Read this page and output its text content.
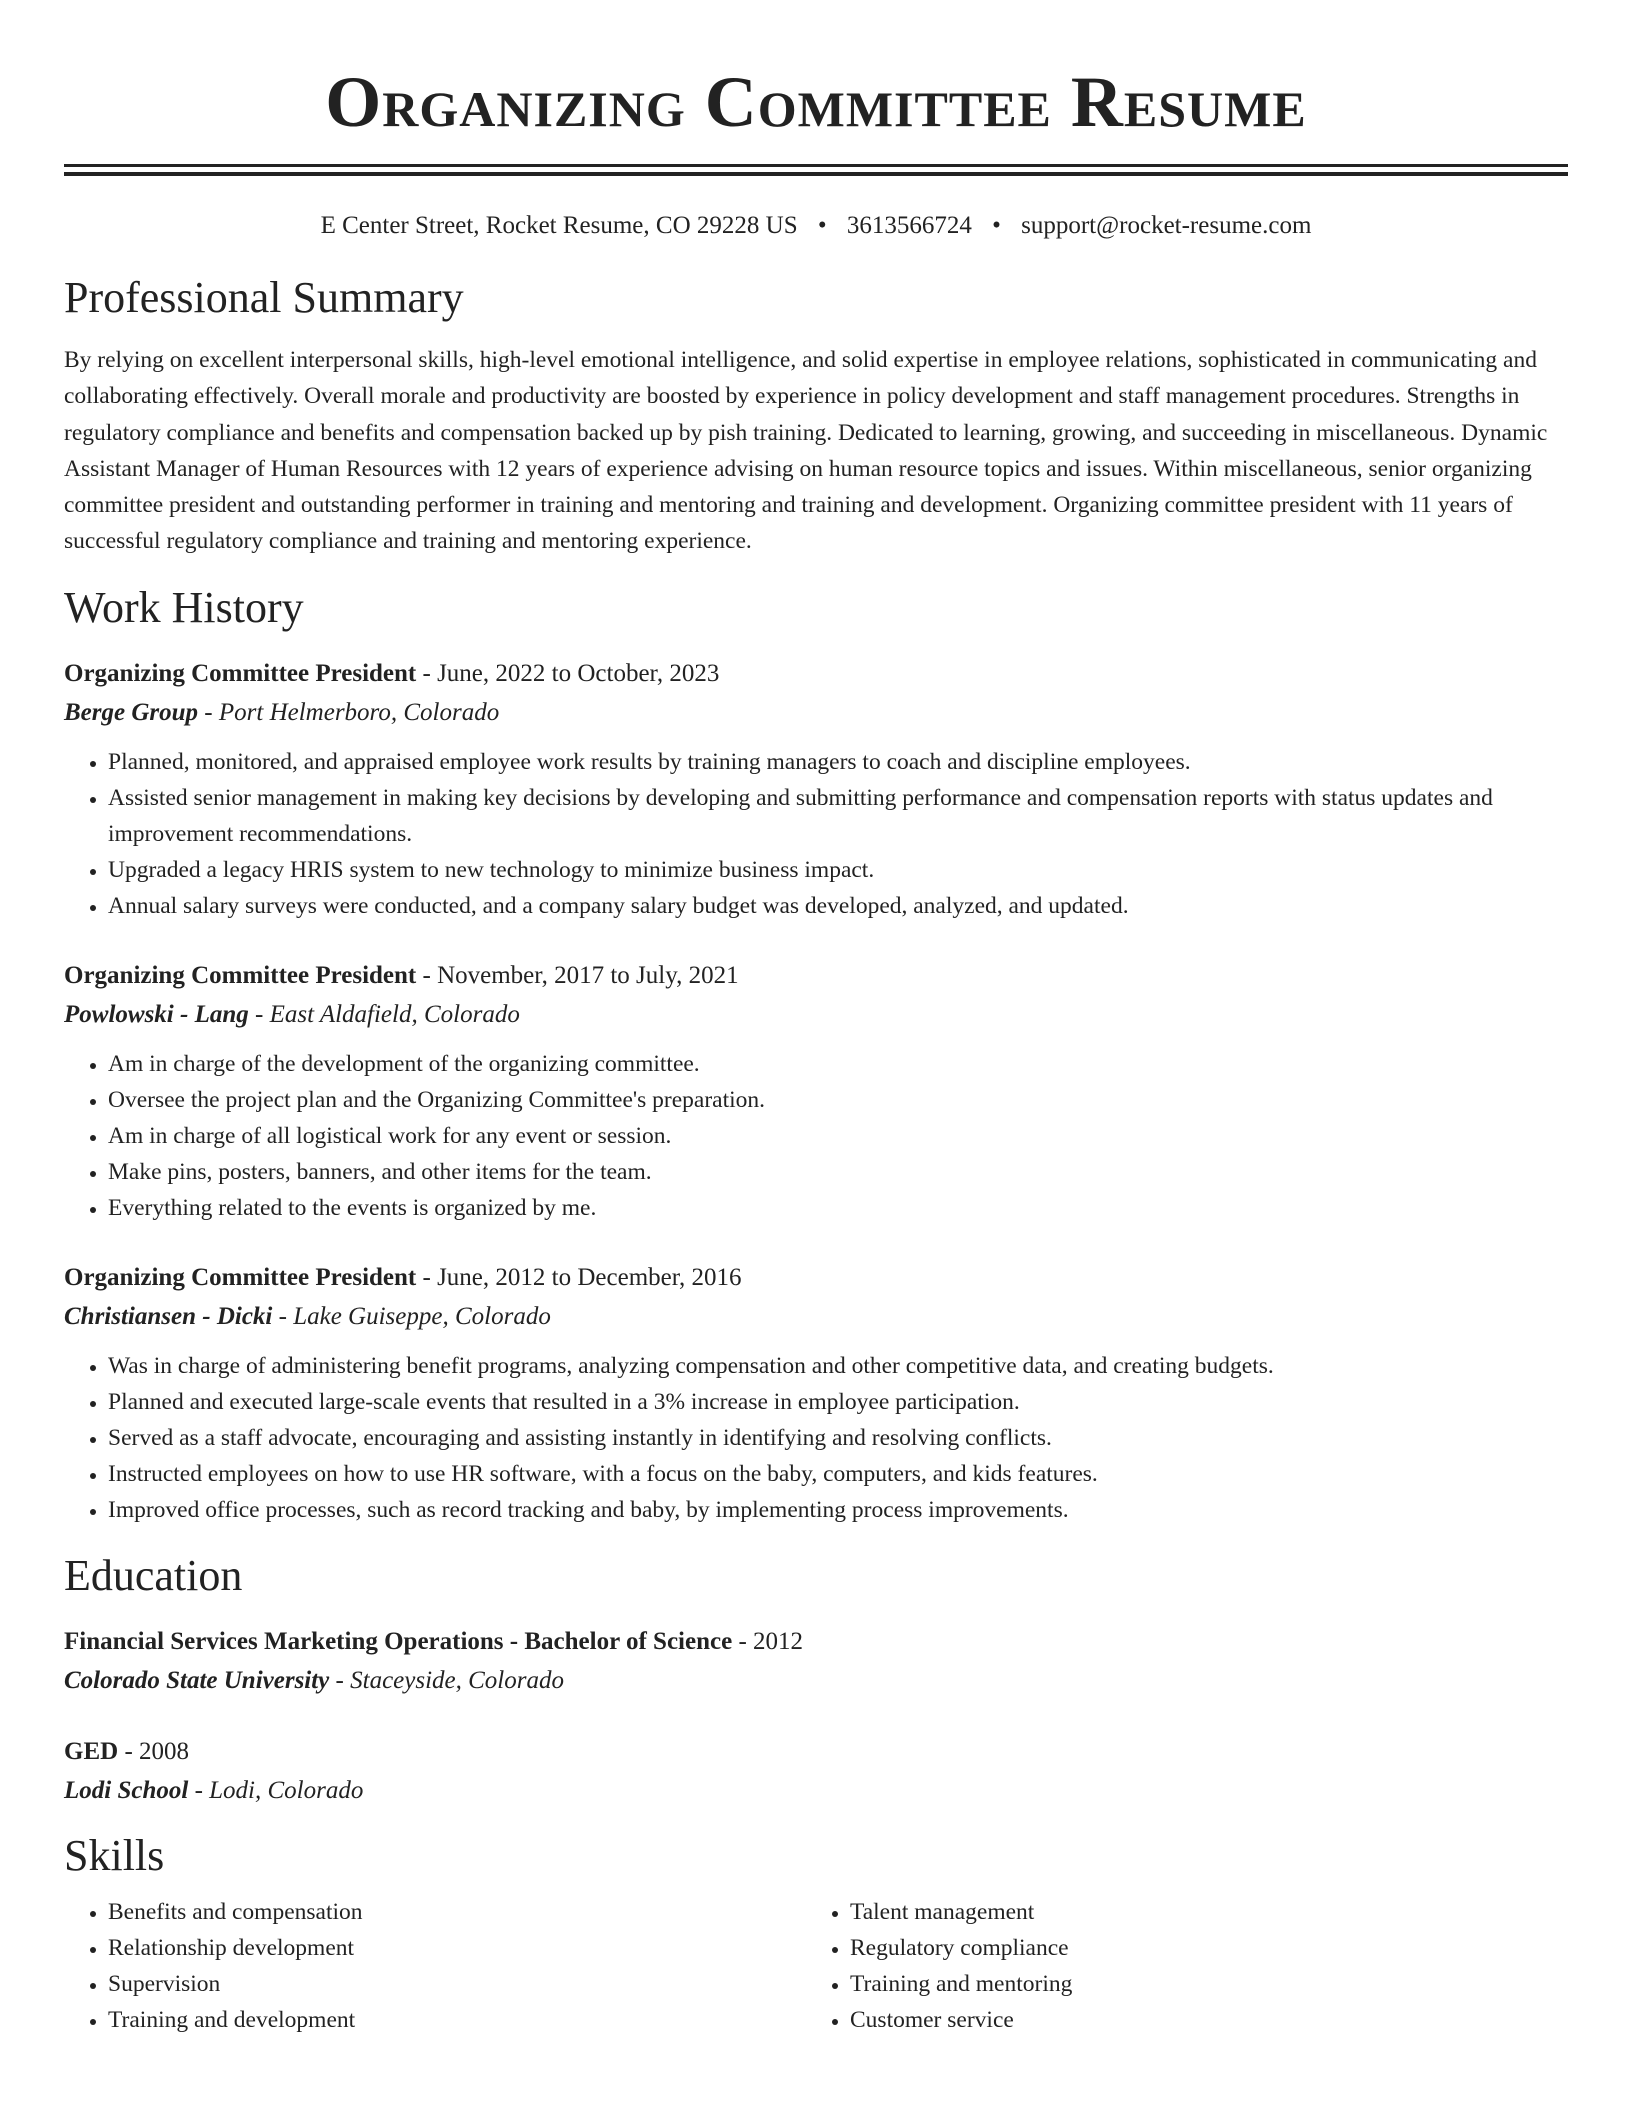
Organizing Committee Resume
E Center Street, Rocket Resume, CO 29228 US • 3613566724 • support@rocket-resume.com
Professional Summary

By relying on excellent interpersonal skills, high-level emotional intelligence, and solid expertise in employee relations, sophisticated in communicating and collaborating effectively. Overall morale and productivity are boosted by experience in policy development and staff management procedures. Strengths in regulatory compliance and benefits and compensation backed up by pish training. Dedicated to learning, growing, and succeeding in miscellaneous. Dynamic Assistant Manager of Human Resources with 12 years of experience advising on human resource topics and issues. Within miscellaneous, senior organizing committee president and outstanding performer in training and mentoring and training and development. Organizing committee president with 11 years of successful regulatory compliance and training and mentoring experience.

Work History
Organizing Committee President - June, 2022 to October, 2023
Berge Group - Port Helmerboro, Colorado
• Planned, monitored, and appraised employee work results by training managers to coach and discipline employees.
• Assisted senior management in making key decisions by developing and submitting performance and compensation reports with status updates and improvement recommendations.
• Upgraded a legacy HRIS system to new technology to minimize business impact.
• Annual salary surveys were conducted, and a company salary budget was developed, analyzed, and updated.
Organizing Committee President - November, 2017 to July, 2021
Powlowski - Lang - East Aldafield, Colorado
• Am in charge of the development of the organizing committee.
• Oversee the project plan and the Organizing Committee's preparation.
• Am in charge of all logistical work for any event or session.
• Make pins, posters, banners, and other items for the team.
• Everything related to the events is organized by me.
Organizing Committee President - June, 2012 to December, 2016
Christiansen - Dicki - Lake Guiseppe, Colorado
• Was in charge of administering benefit programs, analyzing compensation and other competitive data, and creating budgets.
• Planned and executed large-scale events that resulted in a 3% increase in employee participation.
• Served as a staff advocate, encouraging and assisting instantly in identifying and resolving conflicts.
• Instructed employees on how to use HR software, with a focus on the baby, computers, and kids features.
• Improved office processes, such as record tracking and baby, by implementing process improvements.
Education
Financial Services Marketing Operations - Bachelor of Science - 2012
Colorado State University - Staceyside, Colorado
GED - 2008
Lodi School - Lodi, Colorado
Skills
• Benefits and compensation
• Relationship development
• Supervision
• Training and development
• Talent management
• Regulatory compliance
• Training and mentoring
• Customer service
